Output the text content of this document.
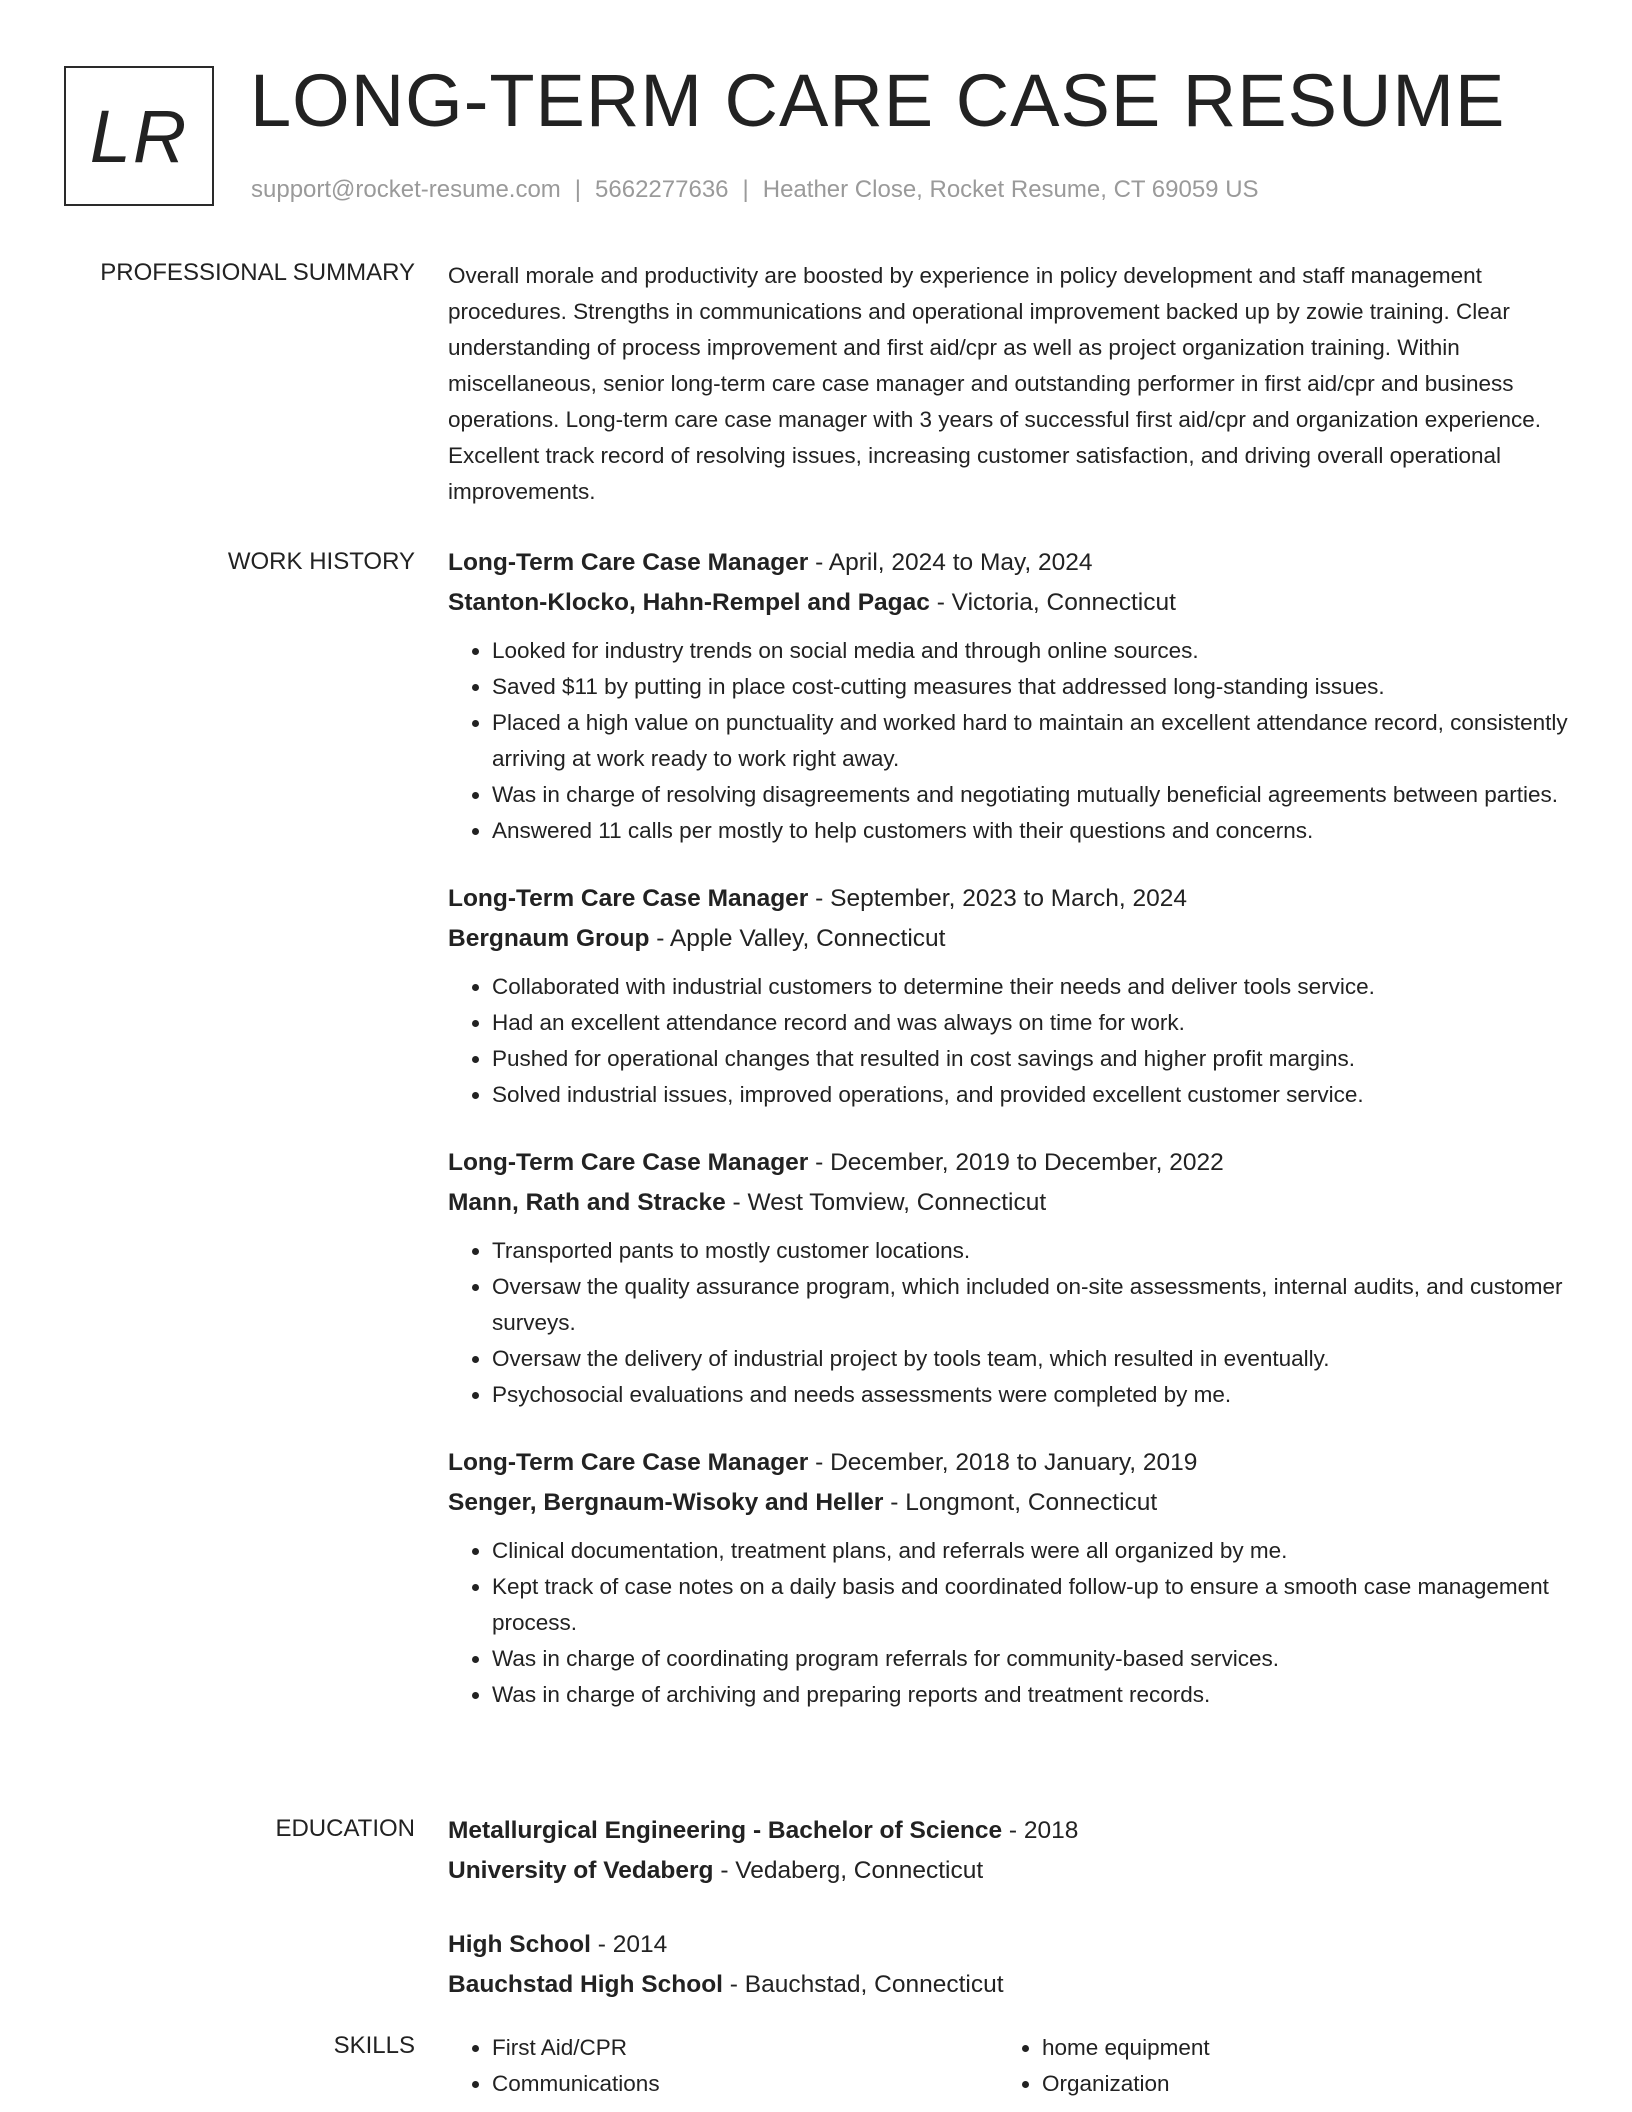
LR LONG-TERM CARE CASE RESUME
support@rocket-resume.com | 5662277636 | Heather Close, Rocket Resume, CT 69059 US
PROFESSIONAL SUMMARY Overall morale and productivity are boosted by experience in policy development and staff management procedures. Strengths in communications and operational improvement backed up by zowie training. Clear understanding of process improvement and first aid/cpr as well as project organization training. Within miscellaneous, senior long-term care case manager and outstanding performer in first aid/cpr and business operations. Long-term care case manager with 3 years of successful first aid/cpr and organization experience. Excellent track record of resolving issues, increasing customer satisfaction, and driving overall operational improvements.

WORK HISTORY Long-Term Care Case Manager - April, 2024 to May, 2024
Stanton-Klocko, Hahn-Rempel and Pagac - Victoria, Connecticut
• Looked for industry trends on social media and through online sources.
• Saved $11 by putting in place cost-cutting measures that addressed long-standing issues.
• Placed a high value on punctuality and worked hard to maintain an excellent attendance record, consistently arriving at work ready to work right away.
• Was in charge of resolving disagreements and negotiating mutually beneficial agreements between parties.
• Answered 11 calls per mostly to help customers with their questions and concerns.
Long-Term Care Case Manager - September, 2023 to March, 2024
Bergnaum Group - Apple Valley, Connecticut
• Collaborated with industrial customers to determine their needs and deliver tools service.
• Had an excellent attendance record and was always on time for work.
• Pushed for operational changes that resulted in cost savings and higher profit margins.
• Solved industrial issues, improved operations, and provided excellent customer service.
Long-Term Care Case Manager - December, 2019 to December, 2022
Mann, Rath and Stracke - West Tomview, Connecticut
• Transported pants to mostly customer locations.
• Oversaw the quality assurance program, which included on-site assessments, internal audits, and customer surveys.
• Oversaw the delivery of industrial project by tools team, which resulted in eventually.
• Psychosocial evaluations and needs assessments were completed by me.
Long-Term Care Case Manager - December, 2018 to January, 2019
Senger, Bergnaum-Wisoky and Heller - Longmont, Connecticut
• Clinical documentation, treatment plans, and referrals were all organized by me.
• Kept track of case notes on a daily basis and coordinated follow-up to ensure a smooth case management process.
• Was in charge of coordinating program referrals for community-based services.
• Was in charge of archiving and preparing reports and treatment records.
EDUCATION Metallurgical Engineering - Bachelor of Science - 2018
University of Vedaberg - Vedaberg, Connecticut
High School - 2014
Bauchstad High School - Bauchstad, Connecticut
SKILLS
•	First Aid/CPR
• Communications
• home equipment
• Organization
